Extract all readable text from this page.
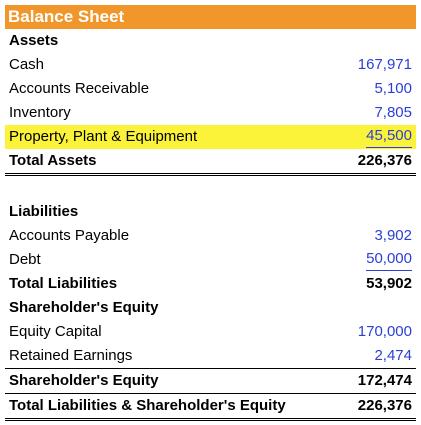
Balance Sheet
Assets
Cash	167,971
Accounts Receivable	5,100
Inventory	7,805
Property, Plant & Equipment	45,500
Total Assets	226,376
Liabilities
Accounts Payable	3,902
Debt	50,000
Total Liabilities	53,902
Shareholder's Equity
Equity Capital	170,000
Retained Earnings	2,474
Shareholder's Equity	172,474
Total Liabilities & Shareholder's Equity	226,376
